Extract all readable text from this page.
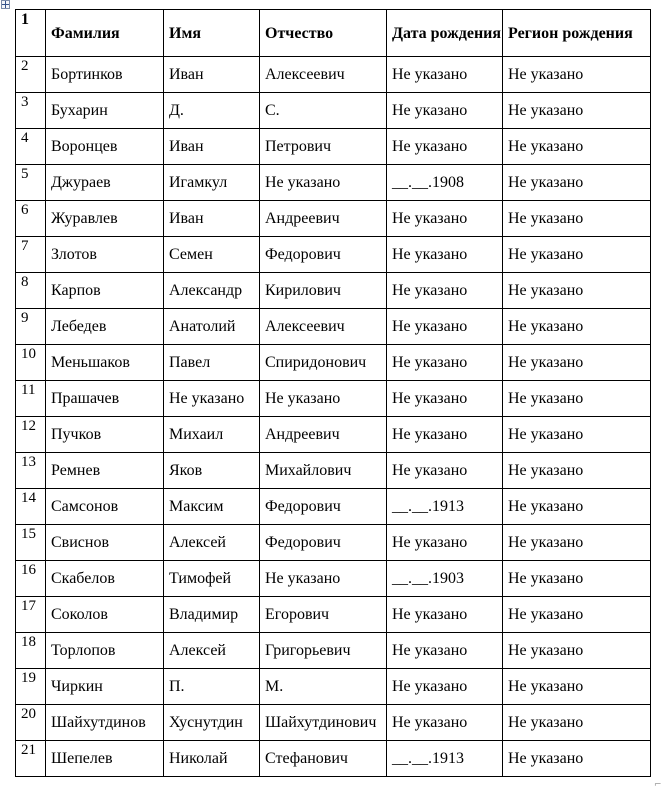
1	Фамилия	Имя	Отчество	Дата рождения	Регион рождения
2	Бортинков	Иван	Алексеевич	Не указано	Не указано
3	Бухарин	Д.	С.	Не указано	Не указано
4	Воронцев	Иван	Петрович	Не указано	Не указано
5	Джураев	Игамкул	Не указано	__.__.1908	Не указано
6	Журавлев	Иван	Андреевич	Не указано	Не указано
7	Злотов	Семен	Федорович	Не указано	Не указано
8	Карпов	Александр	Кирилович	Не указано	Не указано
9	Лебедев	Анатолий	Алексеевич	Не указано	Не указано
10	Меньшаков	Павел	Спиридонович	Не указано	Не указано
11	Прашачев	Не указано	Не указано	Не указано	Не указано
12	Пучков	Михаил	Андреевич	Не указано	Не указано
13	Ремнев	Яков	Михайлович	Не указано	Не указано
14	Самсонов	Максим	Федорович	__.__.1913	Не указано
15	Свиснов	Алексей	Федорович	Не указано	Не указано
16	Скабелов	Тимофей	Не указано	__.__.1903	Не указано
17	Соколов	Владимир	Егорович	Не указано	Не указано
18	Торлопов	Алексей	Григорьевич	Не указано	Не указано
19	Чиркин	П.	М.	Не указано	Не указано
20	Шайхутдинов	Хуснутдин	Шайхутдинович	Не указано	Не указано
21	Шепелев	Николай	Стефанович	__.__.1913	Не указано
⌐
